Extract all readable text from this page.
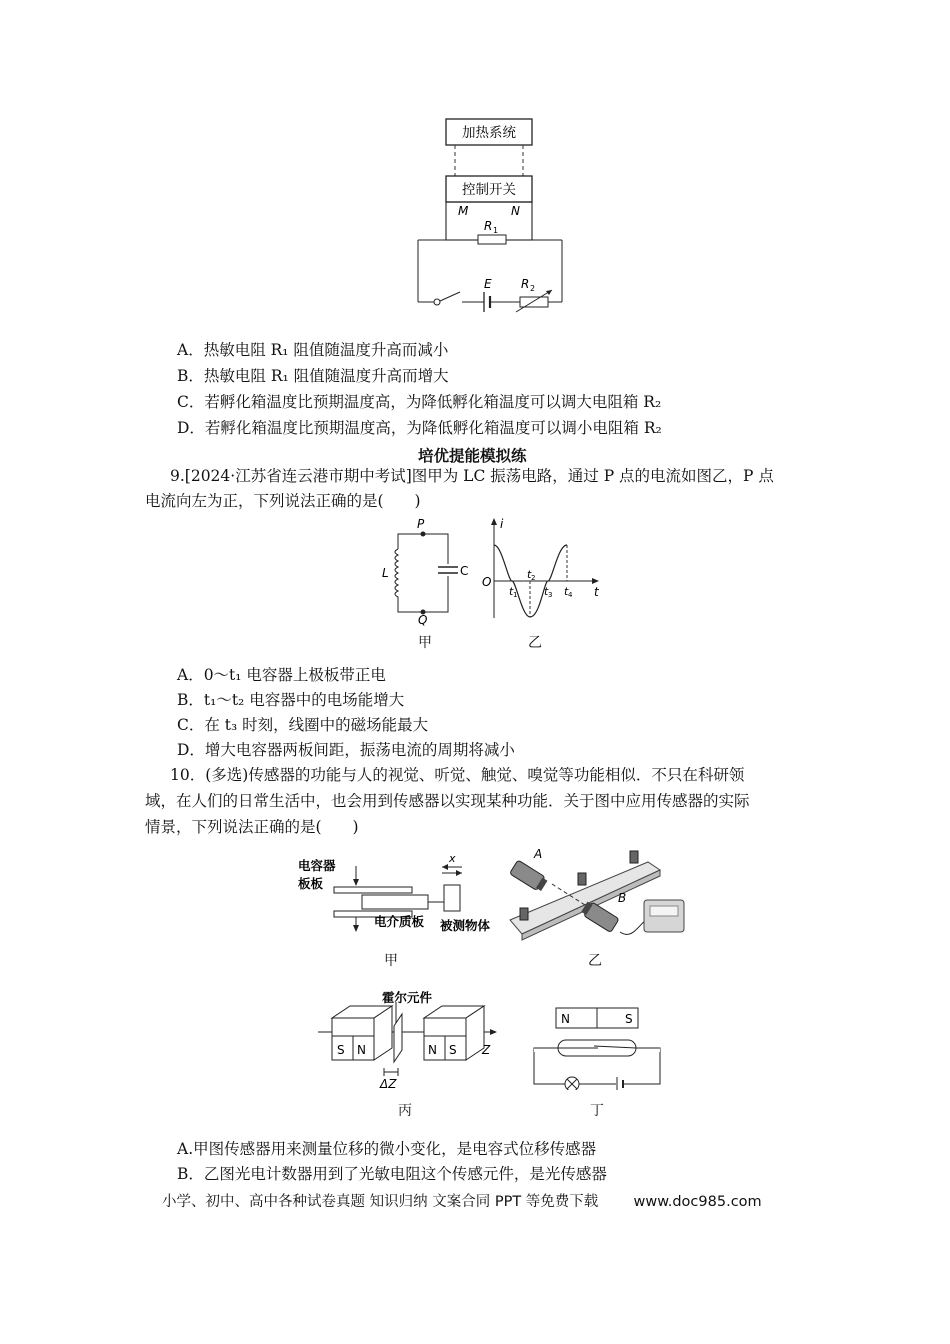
加热系统
控制开关
M	N
R 1
E R 2
A．热敏电阻 R₁ 阻值随温度升高而减小
B．热敏电阻 R₁ 阻值随温度升高而增大
C．若孵化箱温度比预期温度高，为降低孵化箱温度可以调大电阻箱 R₂
D．若孵化箱温度比预期温度高，为降低孵化箱温度可以调小电阻箱 R₂
培优提能模拟练
9.[2024·江苏省连云港市期中考试]图甲为 LC 振荡电路，通过 P 点的电流如图乙，P 点
电流向左为正，下列说法正确的是(　　)
P
Q
L	C
甲
i
O
t
t 1
t 2
t 3 t 4
乙
A．0～t₁ 电容器上极板带正电
B．t₁～t₂ 电容器中的电场能增大
C．在 t₃ 时刻，线圈中的磁场能最大
D．增大电容器两板间距，振荡电流的周期将减小
10．(多选)传感器的功能与人的视觉、听觉、触觉、嗅觉等功能相似．不只在科研领
域，在人们的日常生活中，也会用到传感器以实现某种功能．关于图中应用传感器的实际
情景，下列说法正确的是(　　)
电容器
板板
x
电介质板 被测物体
甲
A
B
乙
霍尔元件
S N	N S Z
ΔZ
丙
N	S
丁
A.甲图传感器用来测量位移的微小变化，是电容式位移传感器
B．乙图光电计数器用到了光敏电阻这个传感元件，是光传感器
小学、初中、高中各种试卷真题 知识归纳 文案合同 PPT 等免费下载 www.doc985.com
